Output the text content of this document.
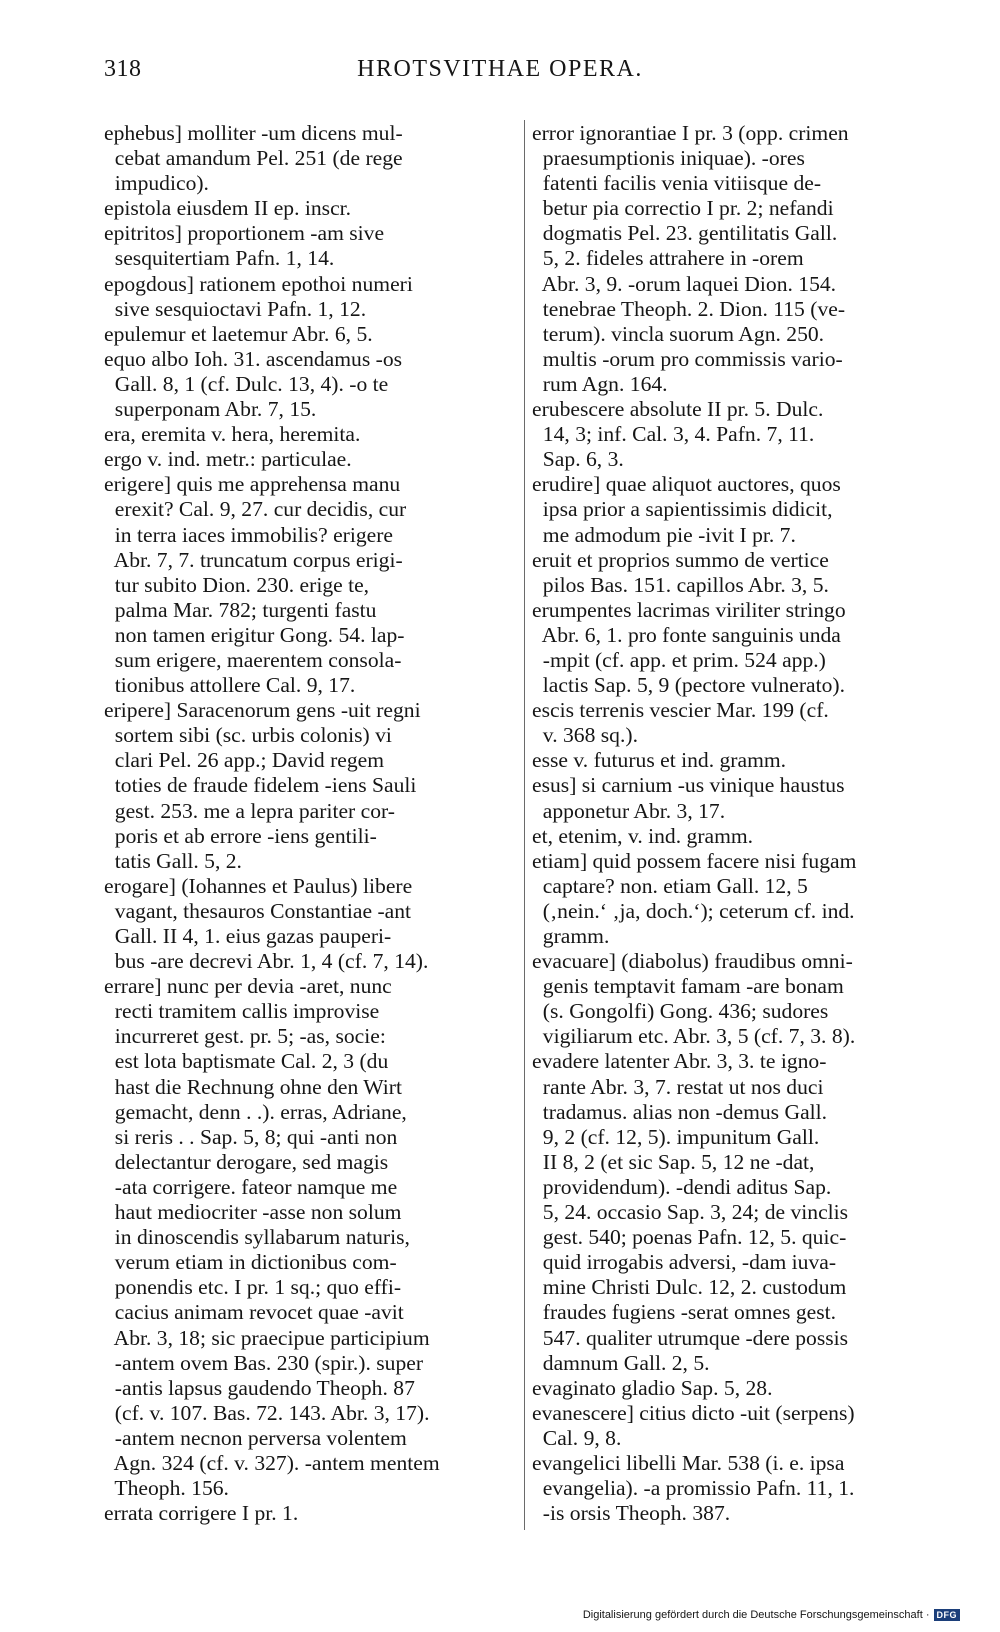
318	HROTSVITHAE OPERA.
ephebus] molliter -um dicens mul-
cebat amandum Pel. 251 (de rege
impudico).
epistola eiusdem II ep. inscr.
epitritos] proportionem -am sive
sesquitertiam Pafn. 1, 14.
epogdous] rationem epothoi numeri
sive sesquioctavi Pafn. 1, 12.
epulemur et laetemur Abr. 6, 5.
equo albo Ioh. 31. ascendamus -os
Gall. 8, 1 (cf. Dulc. 13, 4). -o te
superponam Abr. 7, 15.
era, eremita v. hera, heremita.
ergo v. ind. metr.: particulae.
erigere] quis me apprehensa manu
erexit? Cal. 9, 27. cur decidis, cur
in terra iaces immobilis? erigere
Abr. 7, 7. truncatum corpus erigi-
tur subito Dion. 230. erige te,
palma Mar. 782; turgenti fastu
non tamen erigitur Gong. 54. lap-
sum erigere, maerentem consola-
tionibus attollere Cal. 9, 17.
eripere] Saracenorum gens -uit regni
sortem sibi (sc. urbis colonis) vi
clari Pel. 26 app.; David regem
toties de fraude fidelem -iens Sauli
gest. 253. me a lepra pariter cor-
poris et ab errore -iens gentili-
tatis Gall. 5, 2.
erogare] (Iohannes et Paulus) libere
vagant, thesauros Constantiae -ant
Gall. II 4, 1. eius gazas pauperi-
bus -are decrevi Abr. 1, 4 (cf. 7, 14).
errare] nunc per devia -aret, nunc
recti tramitem callis improvise
incurreret gest. pr. 5; -as, socie:
est lota baptismate Cal. 2, 3 (du
hast die Rechnung ohne den Wirt
gemacht, denn . .). erras, Adriane,
si reris . . Sap. 5, 8; qui -anti non
delectantur derogare, sed magis
-ata corrigere. fateor namque me
haut mediocriter -asse non solum
in dinoscendis syllabarum naturis,
verum etiam in dictionibus com-
ponendis etc. I pr. 1 sq.; quo effi-
cacius animam revocet quae -avit
Abr. 3, 18; sic praecipue participium
-antem ovem Bas. 230 (spir.). super
-antis lapsus gaudendo Theoph. 87
(cf. v. 107. Bas. 72. 143. Abr. 3, 17).
-antem necnon perversa volentem
Agn. 324 (cf. v. 327). -antem mentem
Theoph. 156.
errata corrigere I pr. 1.
error ignorantiae I pr. 3 (opp. crimen
praesumptionis iniquae). -ores
fatenti facilis venia vitiisque de-
betur pia correctio I pr. 2; nefandi
dogmatis Pel. 23. gentilitatis Gall.
5, 2. fideles attrahere in -orem
Abr. 3, 9. -orum laquei Dion. 154.
tenebrae Theoph. 2. Dion. 115 (ve-
terum). vincla suorum Agn. 250.
multis -orum pro commissis vario-
rum Agn. 164.
erubescere absolute II pr. 5. Dulc.
14, 3; inf. Cal. 3, 4. Pafn. 7, 11.
Sap. 6, 3.
erudire] quae aliquot auctores, quos
ipsa prior a sapientissimis didicit,
me admodum pie -ivit I pr. 7.
eruit et proprios summo de vertice
pilos Bas. 151. capillos Abr. 3, 5.
erumpentes lacrimas viriliter stringo
Abr. 6, 1. pro fonte sanguinis unda
-mpit (cf. app. et prim. 524 app.)
lactis Sap. 5, 9 (pectore vulnerato).
escis terrenis vescier Mar. 199 (cf.
v. 368 sq.).
esse v. futurus et ind. gramm.
esus] si carnium -us vinique haustus
apponetur Abr. 3, 17.
et, etenim, v. ind. gramm.
etiam] quid possem facere nisi fugam
captare? non. etiam Gall. 12, 5
(‚nein.‘ ‚ja, doch.‘); ceterum cf. ind.
gramm.
evacuare] (diabolus) fraudibus omni-
genis temptavit famam -are bonam
(s. Gongolfi) Gong. 436; sudores
vigiliarum etc. Abr. 3, 5 (cf. 7, 3. 8).
evadere latenter Abr. 3, 3. te igno-
rante Abr. 3, 7. restat ut nos duci
tradamus. alias non -demus Gall.
9, 2 (cf. 12, 5). impunitum Gall.
II 8, 2 (et sic Sap. 5, 12 ne -dat,
providendum). -dendi aditus Sap.
5, 24. occasio Sap. 3, 24; de vinclis
gest. 540; poenas Pafn. 12, 5. quic-
quid irrogabis adversi, -dam iuva-
mine Christi Dulc. 12, 2. custodum
fraudes fugiens -serat omnes gest.
547. qualiter utrumque -dere possis
damnum Gall. 2, 5.
evaginato gladio Sap. 5, 28.
evanescere] citius dicto -uit (serpens)
Cal. 9, 8.
evangelici libelli Mar. 538 (i. e. ipsa
evangelia). -a promissio Pafn. 11, 1.
-is orsis Theoph. 387.
Digitalisierung gefördert durch die Deutsche Forschungsgemeinschaft · DFG
